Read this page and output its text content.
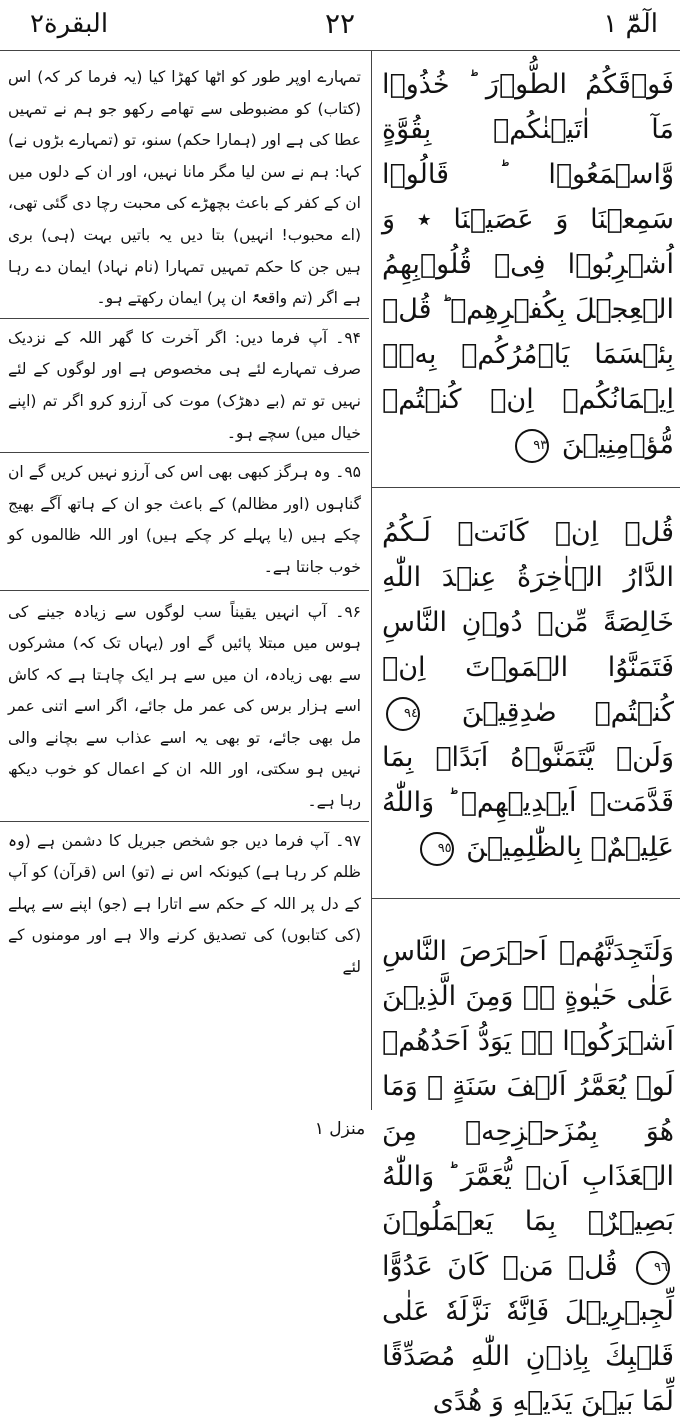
البقرة٢	٢٢	الٓمّٓ ١

تمہارے اوپر طور کو اٹھا کھڑا کیا (یہ فرما کر کہ) اس (کتاب) کو مضبوطی سے تھامے رکھو جو ہم نے تمہیں عطا کی ہے اور (ہمارا حکم) سنو، تو (تمہارے بڑوں نے) کہا: ہم نے سن لیا مگر مانا نہیں، اور ان کے دلوں میں ان کے کفر کے باعث بچھڑے کی محبت رچا دی گئی تھی، (اے محبوب! انہیں) بتا دیں یہ باتیں بہت (ہی) بری ہیں جن کا حکم تمہیں تمہارا (نام نہاد) ایمان دے رہا ہے اگر (تم واقعۃً ان پر) ایمان رکھتے ہو۔

۹۴۔ آپ فرما دیں: اگر آخرت کا گھر اللہ کے نزدیک صرف تمہارے لئے ہی مخصوص ہے اور لوگوں کے لئے نہیں تو تم (بے دھڑک) موت کی آرزو کرو اگر تم (اپنے خیال میں) سچے ہو۔

۹۵۔ وہ ہرگز کبھی بھی اس کی آرزو نہیں کریں گے ان گناہوں (اور مظالم) کے باعث جو ان کے ہاتھ آگے بھیج چکے ہیں (یا پہلے کر چکے ہیں) اور اللہ ظالموں کو خوب جانتا ہے۔

۹۶۔ آپ انہیں یقیناً سب لوگوں سے زیادہ جینے کی ہوس میں مبتلا پائیں گے اور (یہاں تک کہ) مشرکوں سے بھی زیادہ، ان میں سے ہر ایک چاہتا ہے کہ کاش اسے ہزار برس کی عمر مل جائے، اگر اسے اتنی عمر مل بھی جائے، تو بھی یہ اسے عذاب سے بچانے والی نہیں ہو سکتی، اور اللہ ان کے اعمال کو خوب دیکھ رہا ہے۔

۹۷۔ آپ فرما دیں جو شخص جبریل کا دشمن ہے (وہ ظلم کر رہا ہے) کیونکہ اس نے (تو) اس (قرآن) کو آپ کے دل پر اللہ کے حکم سے اتارا ہے (جو) اپنے سے پہلے (کی کتابوں) کی تصدیق کرنے والا ہے اور مومنوں کے لئے

فَوۡقَكُمُ الطُّوۡرَ ؕ خُذُوۡا مَآ اٰتَيۡنٰكُمۡ بِقُوَّةٍ وَّاسۡمَعُوۡا ؕ قَالُوۡا سَمِعۡنَا وَ عَصَيۡنَا ٭ وَ اُشۡرِبُوۡا فِىۡ قُلُوۡبِهِمُ الۡعِجۡلَ بِكُفۡرِهِمۡ ؕ قُلۡ بِئۡسَمَا يَاۡمُرُكُمۡ بِهٖۤ اِيۡمَانُكُمۡ اِنۡ كُنۡتُمۡ مُّؤۡمِنِيۡنَ ٩٣

قُلۡ اِنۡ كَانَتۡ لَـكُمُ الدَّارُ الۡاٰخِرَةُ عِنۡدَ اللّٰهِ خَالِصَةً مِّنۡ دُوۡنِ النَّاسِ فَتَمَنَّوُا الۡمَوۡتَ اِنۡ كُنۡتُمۡ صٰدِقِيۡنَ ٩٤ وَلَنۡ يَّتَمَنَّوۡهُ اَبَدًاۢ بِمَا قَدَّمَتۡ اَيۡدِيۡهِمۡ ؕ وَاللّٰهُ عَلِيۡمٌۢ بِالظّٰلِمِيۡنَ ٩٥

وَلَتَجِدَنَّهُمۡ اَحۡرَصَ النَّاسِ عَلٰى حَيٰوةٍ ۚۛ وَمِنَ الَّذِيۡنَ اَشۡرَكُوۡا ۚۛ يَوَدُّ اَحَدُهُمۡ لَوۡ يُعَمَّرُ اَلۡفَ سَنَةٍ ۚ وَمَا هُوَ بِمُزَحۡزِحِهٖ مِنَ الۡعَذَابِ اَنۡ يُّعَمَّرَ ؕ وَاللّٰهُ بَصِيۡرٌۢ بِمَا يَعۡمَلُوۡنَ ٩٦ قُلۡ مَنۡ كَانَ عَدُوًّا لِّجِبۡرِيۡلَ فَاِنَّهٗ نَزَّلَهٗ عَلٰى قَلۡبِكَ بِاِذۡنِ اللّٰهِ مُصَدِّقًا لِّمَا بَيۡنَ يَدَيۡهِ وَ هُدًى

منزل ١
